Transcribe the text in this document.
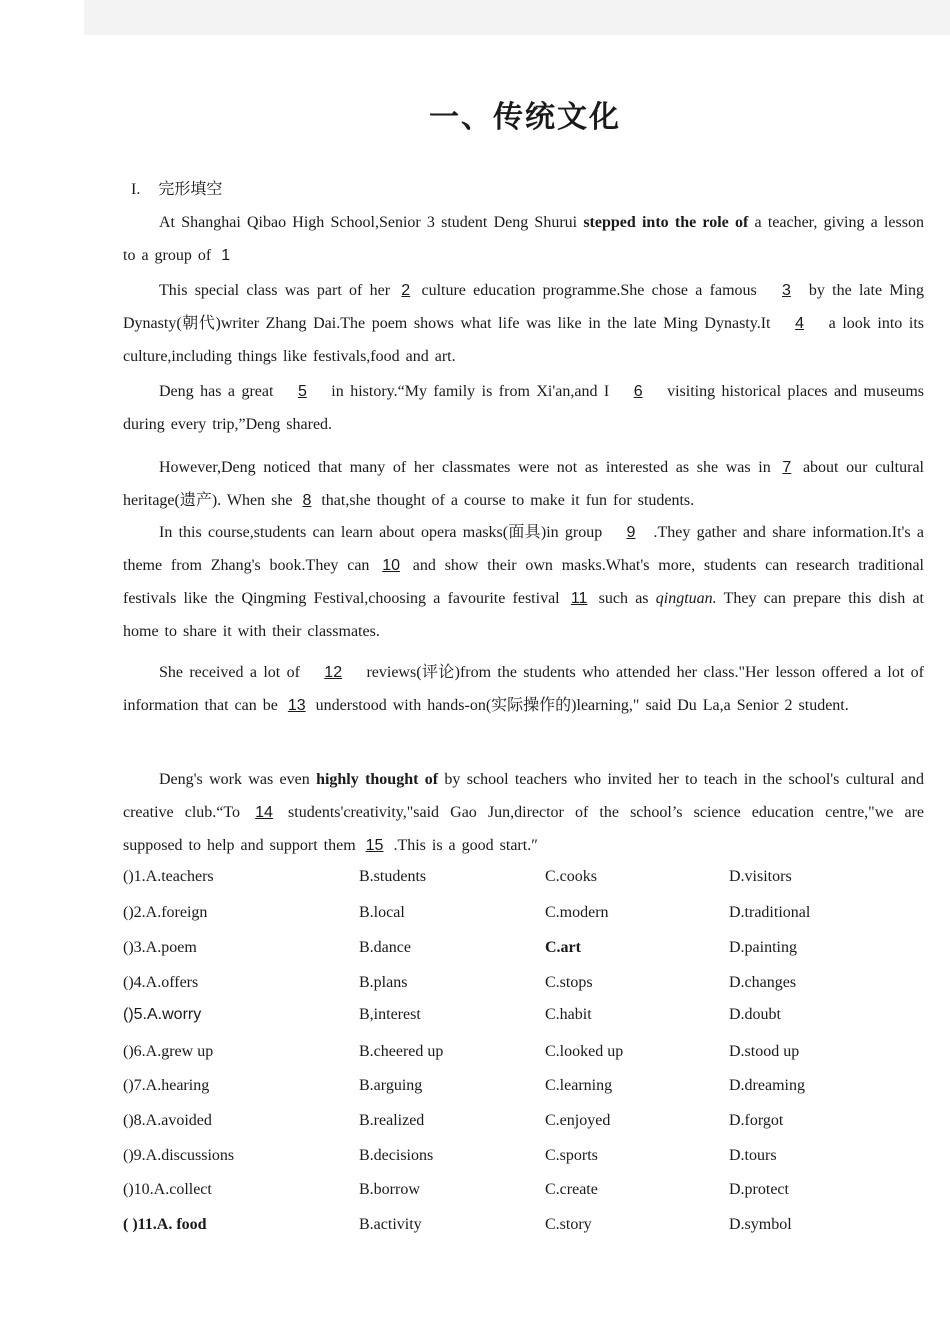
一、传统文化
I. 完形填空

At Shanghai Qibao High School,Senior 3 student Deng Shurui stepped into the role of a teacher, giving a lesson to a group of 1

This special class was part of her 2 culture education programme.She chose a famous 3 by the late Ming Dynasty(朝代)writer Zhang Dai.The poem shows what life was like in the late Ming Dynasty.It 4 a look into its culture,including things like festivals,food and art.

Deng has a great 5 in history.“My family is from Xi'an,and I 6 visiting historical places and museums during every trip,”Deng shared.

However,Deng noticed that many of her classmates were not as interested as she was in 7 about our cultural heritage(遗产). When she 8 that,she thought of a course to make it fun for students.

In this course,students can learn about opera masks(面具)in group 9 .They gather and share information.It's a theme from Zhang's book.They can 10 and show their own masks.What's more, students can research traditional festivals like the Qingming Festival,choosing a favourite festival 11 such as qingtuan. They can prepare this dish at home to share it with their classmates.

She received a lot of 12 reviews(评论)from the students who attended her class."Her lesson offered a lot of information that can be 13 understood with hands-on(实际操作的)learning," said Du La,a Senior 2 student.

Deng's work was even highly thought of by school teachers who invited her to teach in the school's cultural and creative club.“To 14 students'creativity,"said Gao Jun,director of the school’s science education centre,"we are supposed to help and support them 15 .This is a good start.″

()1.A.teachers	B.students	C.cooks	D.visitors
()2.A.foreign	B.local	C.modern	D.traditional
()3.A.poem	B.dance	C.art	D.painting
()4.A.offers	B.plans	C.stops	D.changes
()5.A.worry	B,interest	C.habit	D.doubt
()6.A.grew up	B.cheered up	C.looked up	D.stood up
()7.A.hearing	B.arguing	C.learning	D.dreaming
()8.A.avoided	B.realized	C.enjoyed	D.forgot
()9.A.discussions	B.decisions	C.sports	D.tours
()10.A.collect	B.borrow	C.create	D.protect
( )11.A. food	B.activity	C.story	D.symbol
